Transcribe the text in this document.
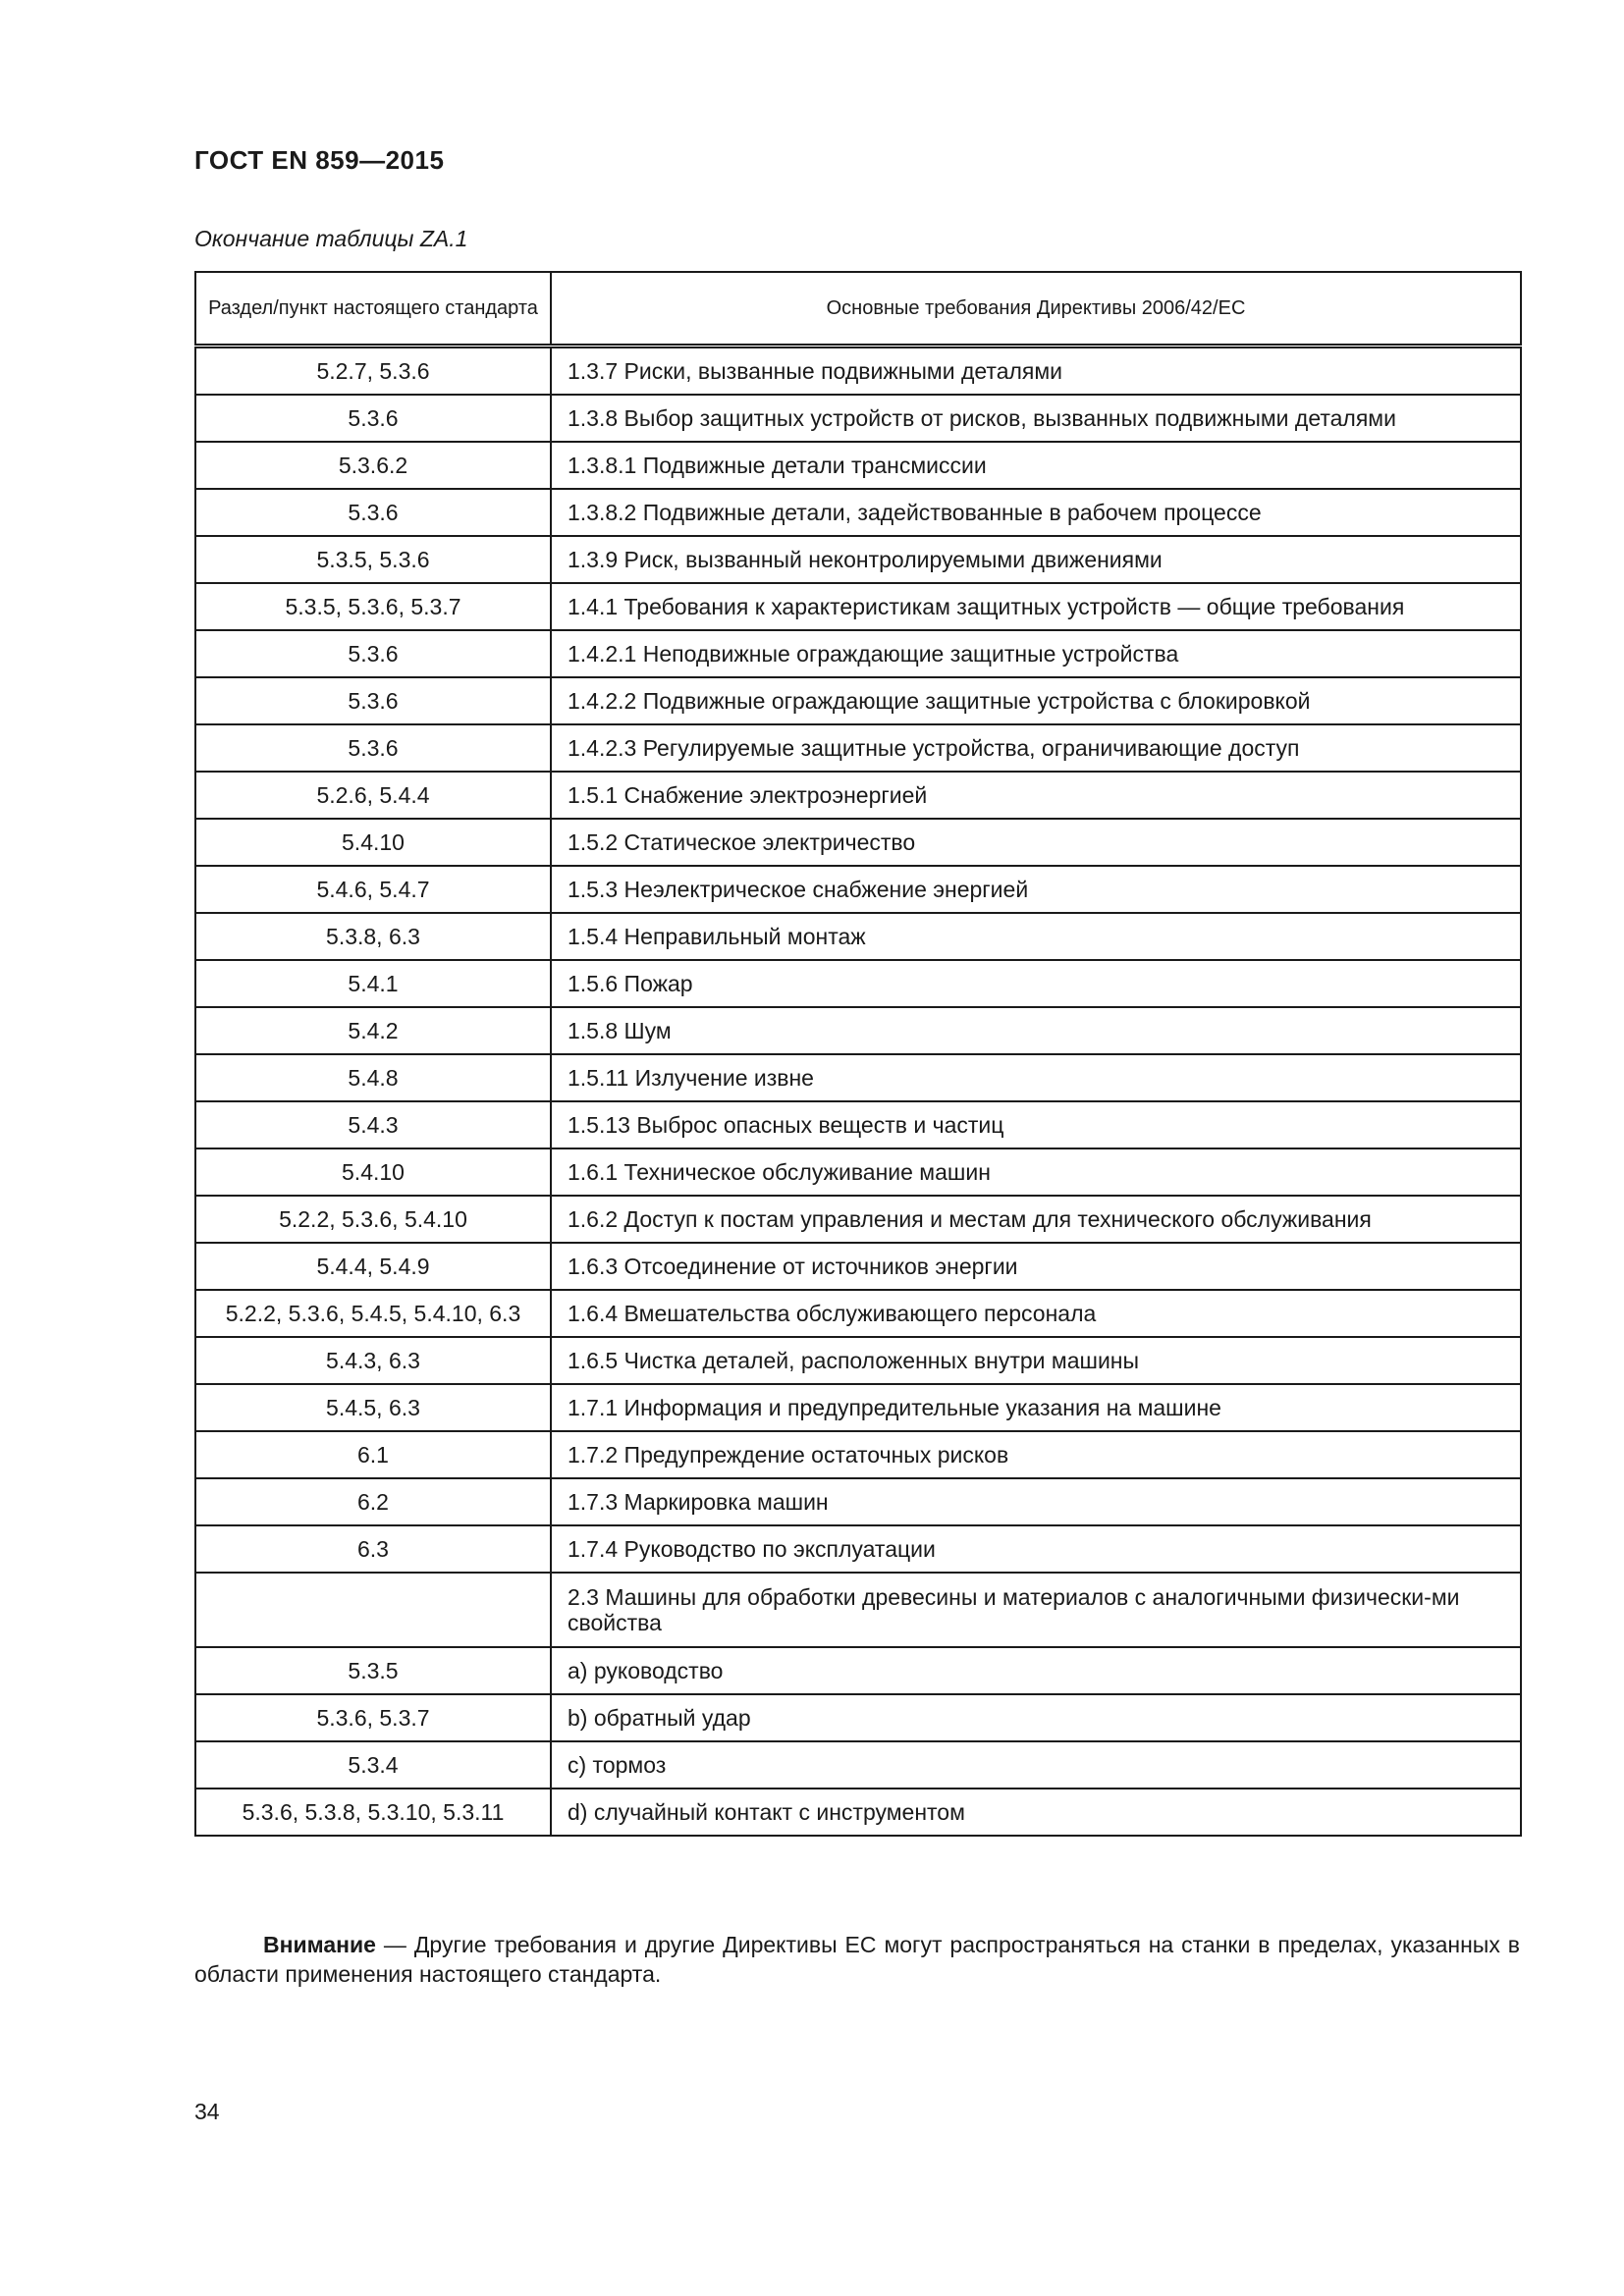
ГОСТ EN 859—2015
Окончание таблицы ZA.1
Раздел/пункт настоящего стандарта	Основные требования Директивы 2006/42/ЕС
5.2.7, 5.3.6	1.3.7 Риски, вызванные подвижными деталями
5.3.6	1.3.8 Выбор защитных устройств от рисков, вызванных подвижными деталями
5.3.6.2	1.3.8.1 Подвижные детали трансмиссии
5.3.6	1.3.8.2 Подвижные детали, задействованные в рабочем процессе
5.3.5, 5.3.6	1.3.9 Риск, вызванный неконтролируемыми движениями
5.3.5, 5.3.6, 5.3.7	1.4.1 Требования к характеристикам защитных устройств — общие требования
5.3.6	1.4.2.1 Неподвижные ограждающие защитные устройства
5.3.6	1.4.2.2 Подвижные ограждающие защитные устройства с блокировкой
5.3.6	1.4.2.3 Регулируемые защитные устройства, ограничивающие доступ
5.2.6, 5.4.4	1.5.1 Снабжение электроэнергией
5.4.10	1.5.2 Статическое электричество
5.4.6, 5.4.7	1.5.3 Неэлектрическое снабжение энергией
5.3.8, 6.3	1.5.4 Неправильный монтаж
5.4.1	1.5.6 Пожар
5.4.2	1.5.8 Шум
5.4.8	1.5.11 Излучение извне
5.4.3	1.5.13 Выброс опасных веществ и частиц
5.4.10	1.6.1 Техническое обслуживание машин
5.2.2, 5.3.6, 5.4.10	1.6.2 Доступ к постам управления и местам для технического обслуживания
5.4.4, 5.4.9	1.6.3 Отсоединение от источников энергии
5.2.2, 5.3.6, 5.4.5, 5.4.10, 6.3	1.6.4 Вмешательства обслуживающего персонала
5.4.3, 6.3	1.6.5 Чистка деталей, расположенных внутри машины
5.4.5, 6.3	1.7.1 Информация и предупредительные указания на машине
6.1	1.7.2 Предупреждение остаточных рисков
6.2	1.7.3 Маркировка машин
6.3	1.7.4 Руководство по эксплуатации
	2.3 Машины для обработки древесины и материалов с аналогичными физически-ми свойства
5.3.5	a) руководство
5.3.6, 5.3.7	b) обратный удар
5.3.4	c) тормоз
5.3.6, 5.3.8, 5.3.10, 5.3.11	d) случайный контакт с инструментом
Внимание — Другие требования и другие Директивы ЕС могут распространяться на станки в пределах, указанных в области применения настоящего стандарта.
34
